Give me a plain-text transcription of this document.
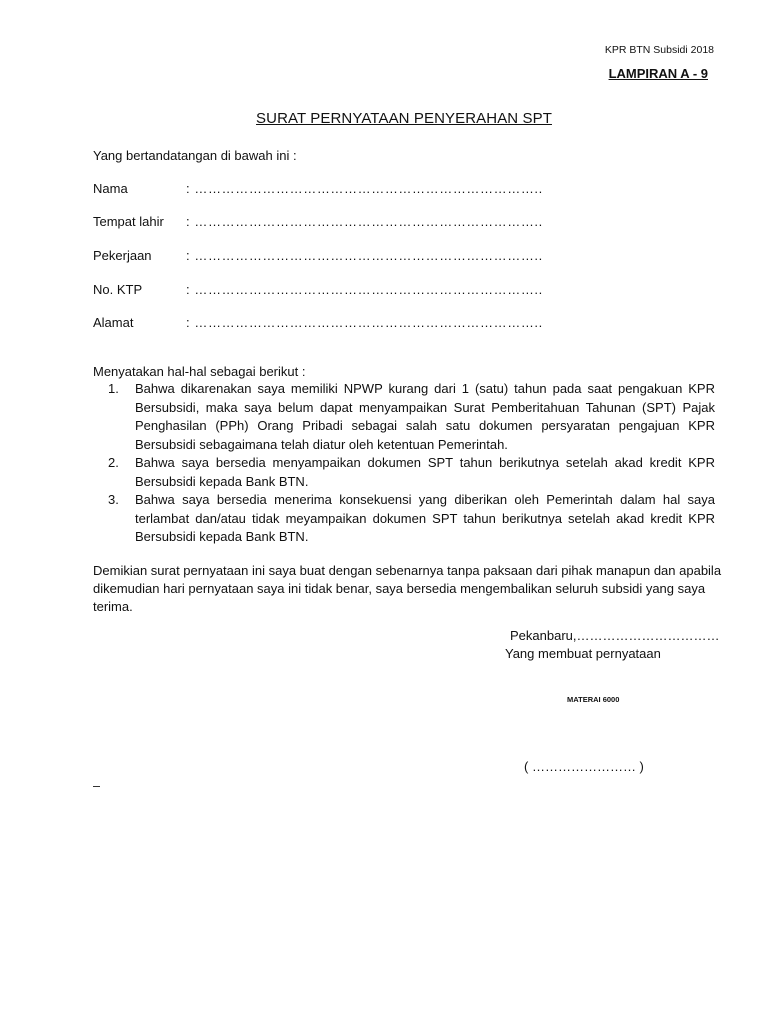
KPR BTN Subsidi 2018
LAMPIRAN A - 9
SURAT PERNYATAAN PENYERAHAN SPT
Yang bertandatangan di bawah ini :
Nama	: …………………………………………………………………..
Tempat lahir : …………………………………………………………………..
Pekerjaan	: …………………………………………………………………..
No. KTP	: …………………………………………………………………..
Alamat	: …………………………………………………………………..
Menyatakan hal-hal sebagai berikut :
1. Bahwa dikarenakan saya memiliki NPWP kurang dari 1 (satu) tahun pada saat pengakuan KPR Bersubsidi, maka saya belum dapat menyampaikan Surat Pemberitahuan Tahunan (SPT) Pajak Penghasilan (PPh) Orang Pribadi sebagai salah satu dokumen persyaratan pengajuan KPR Bersubsidi sebagaimana telah diatur oleh ketentuan Pemerintah.
2. Bahwa saya bersedia menyampaikan dokumen SPT tahun berikutnya setelah akad kredit KPR Bersubsidi kepada Bank BTN.
3. Bahwa saya bersedia menerima konsekuensi yang diberikan oleh Pemerintah dalam hal saya terlambat dan/atau tidak meyampaikan dokumen SPT tahun berikutnya setelah akad kredit KPR Bersubsidi kepada Bank BTN.
Demikian surat pernyataan ini saya buat dengan sebenarnya tanpa paksaan dari pihak manapun dan apabila dikemudian hari pernyataan saya ini tidak benar, saya bersedia mengembalikan seluruh subsidi yang saya terima.
Pekanbaru,……………………………
Yang membuat pernyataan
MATERAI 6000
( …………………… )
